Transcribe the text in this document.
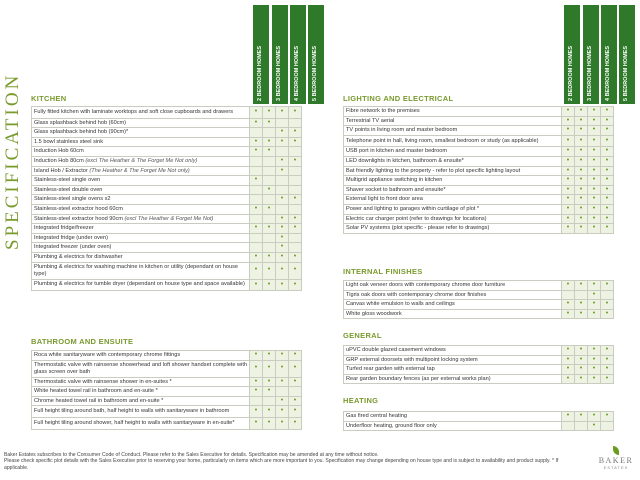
SPECIFICATION	2 BEDROOM HOMES 3 BEDROOM HOMES 4 BEDROOM HOMES 5 BEDROOM HOMES	2 BEDROOM HOMES 3 BEDROOM HOMES 4 BEDROOM HOMES 5 BEDROOM HOMES
KITCHEN
Fully fitted kitchen with laminate worktops and soft close cupboards and drawers	•	•	•	•
Glass splashback behind hob (60cm)	•	•		
Glass splashback behind hob (90cm)*			•	•
1.5 bowl stainless steel sink	•	•	•	•
Induction Hob 60cm	•	•		
Induction Hob 80cm (excl The Heather & The Forget Me Not only)			•	•
Island Hob / Extractor (The Heather & The Forget Me Not only)			•	
Stainless-steel single oven	•			
Stainless-steel double oven		•		
Stainless-steel single ovens x2			•	•
Stainless-steel extractor hood 60cm	•	•		
Stainless-steel extractor hood 90cm (excl The Heather & Forget Me Not)			•	•
Integrated fridge/freezer	•	•	•	•
Integrated fridge (under oven)			•	
Integrated freezer (under oven)			•	
Plumbing & electrics for dishwasher	•	•	•	•
Plumbing & electrics for washing machine in kitchen or utility (dependant on house type)	•	•	•	•
Plumbing & electrics for tumble dryer (dependant on house type and space available)	•	•	•	•
BATHROOM AND ENSUITE
Roca white sanitaryware with contemporary chrome fittings	•	•	•	•
Thermostatic valve with rainsense showerhead and loft shower handset complete with glass screen over bath	•	•	•	•
Thermostatic valve with rainsense shower in en-suites *	•	•	•	•
White heated towel rail in bathroom and en-suite *	•	•		
Chrome heated towel rail in bathroom and en-suite *			•	•
Full height tiling around bath, half height to walls with sanitaryware in bathroom	•	•	•	•
Full height tiling around shower, half height to walls with sanitaryware in en-suite*	•	•	•	•
LIGHTING AND ELECTRICAL
Fibre network to the premises	•	•	•	•
Terrestrial TV aerial	•	•	•	•
TV points in living room and master bedroom	•	•	•	•
Telephone point in hall, living room, smallest bedroom or study (as applicable)	•	•	•	•
USB port in kitchen and master bedroom	•	•	•	•
LED downlights in kitchen, bathroom & ensuite*	•	•	•	•
Bat friendly lighting to the property - refer to plot specific lighting layout	•	•	•	•
Multigrid appliance switching in kitchen	•	•	•	•
Shaver socket to bathroom and ensuite*	•	•	•	•
External light to front door area	•	•	•	•
Power and lighting to garages within curtilage of plot *	•	•	•	•
Electric car charger point (refer to drawings for locations)	•	•	•	•
Solar PV systems (plot specific - please refer to drawings)	•	•	•	•
INTERNAL FINISHES
Light oak veneer doors with contemporary chrome door furniture	•	•	•	•
Tigris oak doors with contemporary chrome door finishes			•	
Canvas white emulsion to walls and ceilings	•	•	•	•
White gloss woodwork	•	•	•	•
GENERAL
uPVC double glazed casement windows	•	•	•	•
GRP external doorsets with multipoint locking system	•	•	•	•
Turfed rear garden with external tap	•	•	•	•
Rear garden boundary fences (as per external works plan)	•	•	•	•
HEATING
Gas fired central heating	•	•	•	•
Underfloor heating, ground floor only			•	
Baker Estates subscribes to the Consumer Code of Conduct. Please refer to the Sales Executive for details. Specification may be amended at any time without notice.
Please check specific plot details with the Sales Executive prior to reserving your home, particularly on items which are more important to you. Specification may change depending on house type and is subject to availability and product supply. * If applicable.
BAKER
ESTATES
